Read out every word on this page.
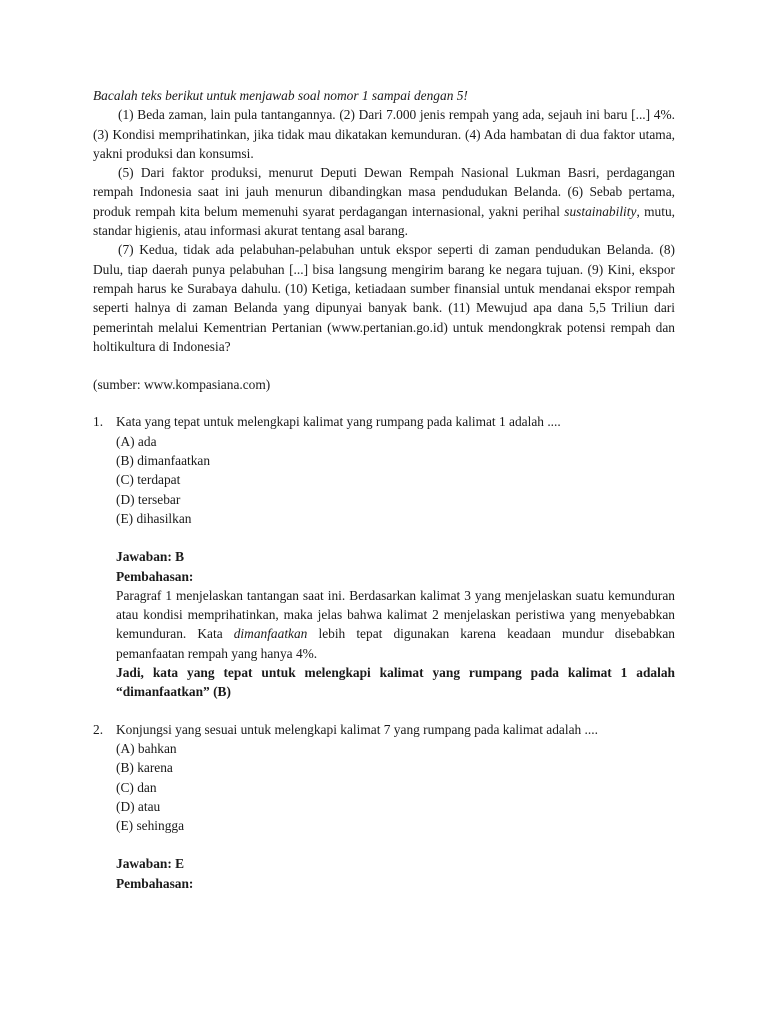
Bacalah teks berikut untuk menjawab soal nomor 1 sampai dengan 5!

(1) Beda zaman, lain pula tantangannya. (2) Dari 7.000 jenis rempah yang ada, sejauh ini baru [...] 4%. (3) Kondisi memprihatinkan, jika tidak mau dikatakan kemunduran. (4) Ada hambatan di dua faktor utama, yakni produksi dan konsumsi.

(5) Dari faktor produksi, menurut Deputi Dewan Rempah Nasional Lukman Basri, perdagangan rempah Indonesia saat ini jauh menurun dibandingkan masa pendudukan Belanda. (6) Sebab pertama, produk rempah kita belum memenuhi syarat perdagangan internasional, yakni perihal sustainability, mutu, standar higienis, atau informasi akurat tentang asal barang.

(7) Kedua, tidak ada pelabuhan-pelabuhan untuk ekspor seperti di zaman pendudukan Belanda. (8) Dulu, tiap daerah punya pelabuhan [...] bisa langsung mengirim barang ke negara tujuan. (9) Kini, ekspor rempah harus ke Surabaya dahulu. (10) Ketiga, ketiadaan sumber finansial untuk mendanai ekspor rempah seperti halnya di zaman Belanda yang dipunyai banyak bank. (11) Mewujud apa dana 5,5 Triliun dari pemerintah melalui Kementrian Pertanian (www.pertanian.go.id) untuk mendongkrak potensi rempah dan holtikultura di Indonesia?

(sumber: www.kompasiana.com)

1. Kata yang tepat untuk melengkapi kalimat yang rumpang pada kalimat 1 adalah ....

(A) ada
(B) dimanfaatkan
(C) terdapat
(D) tersebar
(E) dihasilkan

Jawaban: B

Pembahasan:

Paragraf 1 menjelaskan tantangan saat ini. Berdasarkan kalimat 3 yang menjelaskan suatu kemunduran atau kondisi memprihatinkan, maka jelas bahwa kalimat 2 menjelaskan peristiwa yang menyebabkan kemunduran. Kata dimanfaatkan lebih tepat digunakan karena keadaan mundur disebabkan pemanfaatan rempah yang hanya 4%.

Jadi, kata yang tepat untuk melengkapi kalimat yang rumpang pada kalimat 1 adalah “dimanfaatkan” (B)

2. Konjungsi yang sesuai untuk melengkapi kalimat 7 yang rumpang pada kalimat adalah ....

(A) bahkan
(B) karena
(C) dan
(D) atau
(E) sehingga

Jawaban: E

Pembahasan:
